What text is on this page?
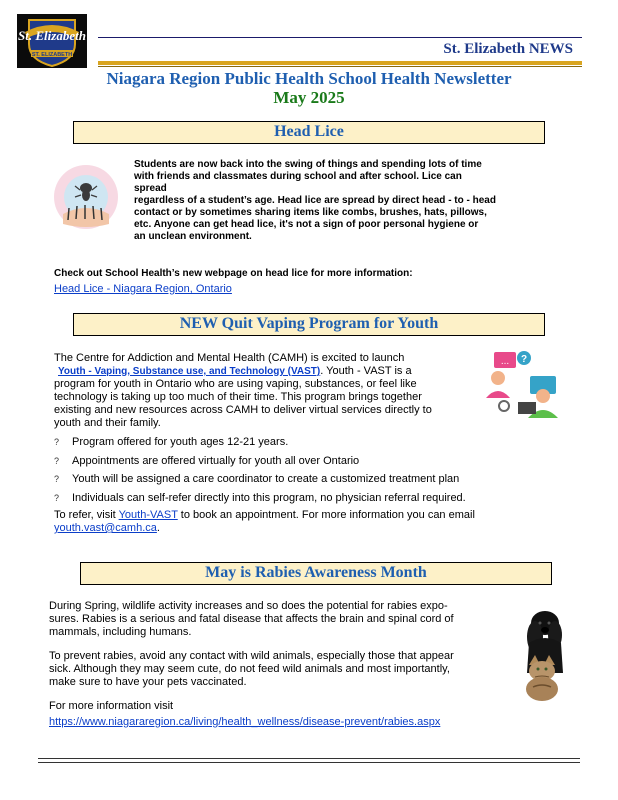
St. Elizabeth
ST. ELIZABETH	St. Elizabeth NEWS
Niagara Region Public Health School Health Newsletter
May 2025
Head Lice
Students are now back into the swing of things and spending lots of time
with friends and classmates during school and after school. Lice can
spread
regardless of a student’s age. Head lice are spread by direct head - to - head
contact or by sometimes sharing items like combs, brushes, hats, pillows,
etc. Anyone can get head lice, it's not a sign of poor personal hygiene or
an unclean environment.
Check out School Health’s new webpage on head lice for more information:
Head Lice - Niagara Region, Ontario
NEW Quit Vaping Program for Youth
... ?
The Centre for Addiction and Mental Health (CAMH) is excited to launch
Youth - Vaping, Substance use, and Technology (VAST). Youth - VAST is a
program for youth in Ontario who are using vaping, substances, or feel like
technology is taking up too much of their time. This program brings together
existing and new resources across CAMH to deliver virtual services directly to
youth and their family.
? Program offered for youth ages 12-21 years.
? Appointments are offered virtually for youth all over Ontario
? Youth will be assigned a care coordinator to create a customized treatment plan
? Individuals can self-refer directly into this program, no physician referral required.
To refer, visit Youth-VAST to book an appointment. For more information you can email
youth.vast@camh.ca.
May is Rabies Awareness Month
During Spring, wildlife activity increases and so does the potential for rabies expo-
sures. Rabies is a serious and fatal disease that affects the brain and spinal cord of
mammals, including humans.
To prevent rabies, avoid any contact with wild animals, especially those that appear
sick. Although they may seem cute, do not feed wild animals and most importantly,
make sure to have your pets vaccinated.
For more information visit
https://www.niagararegion.ca/living/health_wellness/disease-prevent/rabies.aspx
